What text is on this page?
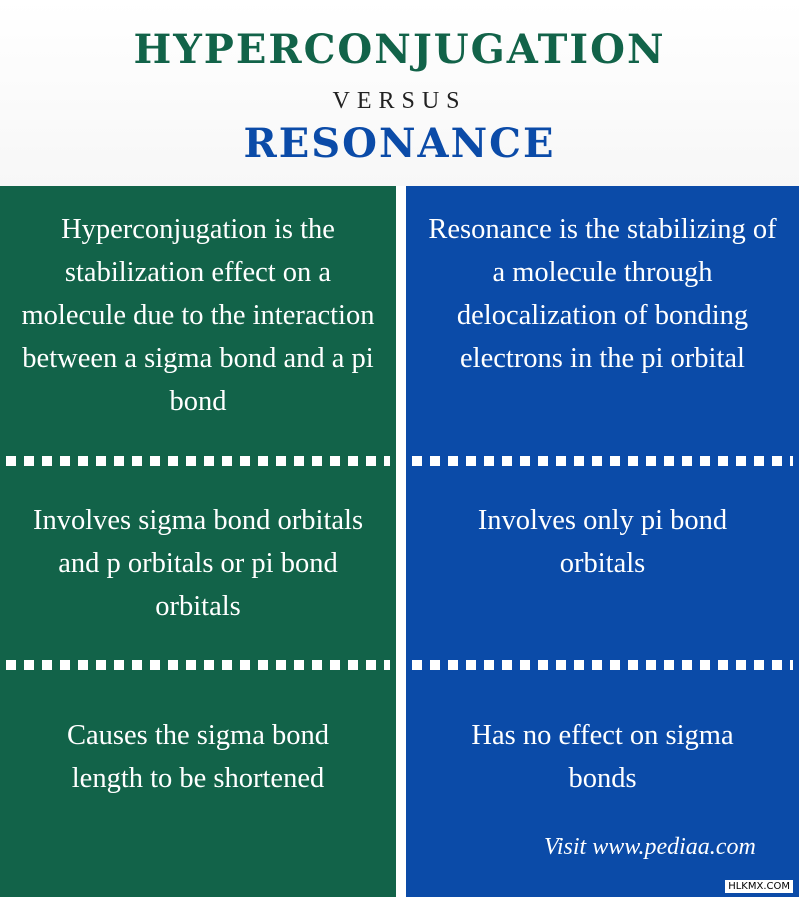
HYPERCONJUGATION
VERSUS
RESONANCE
Hyperconjugation is the stabilization effect on a molecule due to the interaction between a sigma bond and a pi bond
Involves sigma bond orbitals and p orbitals or pi bond orbitals
Causes the sigma bond length to be shortened
Resonance is the stabilizing of a molecule through delocalization of bonding electrons in the pi orbital
Involves only pi bond orbitals
Has no effect on sigma bonds
Visit www.pediaa.com
HLKMX.COM
